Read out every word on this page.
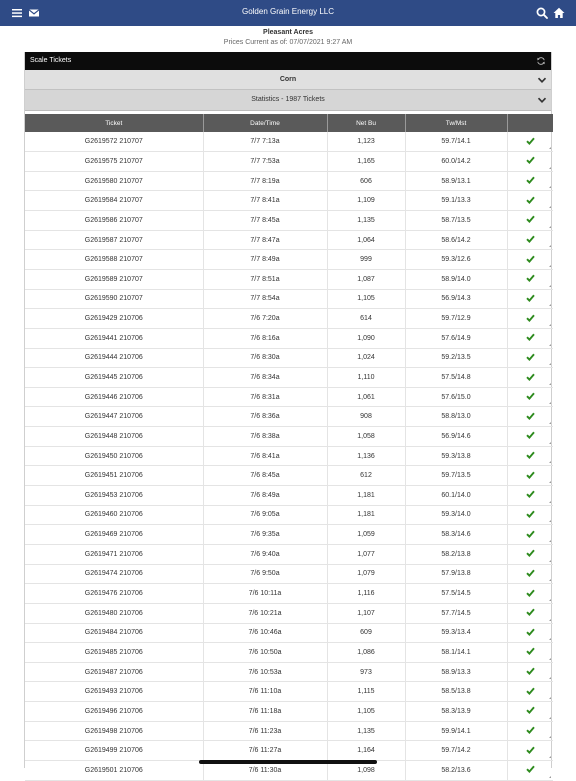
Golden Grain Energy LLC
Pleasant Acres
Prices Current as of: 07/07/2021 9:27 AM
Scale Tickets
Corn
Statistics - 1987 Tickets
Ticket	Date/Time	Net Bu	Tw/Mst	
G2619572 210707	7/7 7:13a	1,123	59.7/14.1	

G2619575 210707	7/7 7:53a	1,165	60.0/14.2	

G2619580 210707	7/7 8:19a	606	58.9/13.1	

G2619584 210707	7/7 8:41a	1,109	59.1/13.3	

G2619586 210707	7/7 8:45a	1,135	58.7/13.5	

G2619587 210707	7/7 8:47a	1,064	58.6/14.2	

G2619588 210707	7/7 8:49a	999	59.3/12.6	

G2619589 210707	7/7 8:51a	1,087	58.9/14.0	

G2619590 210707	7/7 8:54a	1,105	56.9/14.3	

G2619429 210706	7/6 7:20a	614	59.7/12.9	

G2619441 210706	7/6 8:16a	1,090	57.6/14.9	

G2619444 210706	7/6 8:30a	1,024	59.2/13.5	

G2619445 210706	7/6 8:34a	1,110	57.5/14.8	

G2619446 210706	7/6 8:31a	1,061	57.6/15.0	

G2619447 210706	7/6 8:36a	908	58.8/13.0	

G2619448 210706	7/6 8:38a	1,058	56.9/14.6	

G2619450 210706	7/6 8:41a	1,136	59.3/13.8	

G2619451 210706	7/6 8:45a	612	59.7/13.5	

G2619453 210706	7/6 8:49a	1,181	60.1/14.0	

G2619460 210706	7/6 9:05a	1,181	59.3/14.0	

G2619469 210706	7/6 9:35a	1,059	58.3/14.6	

G2619471 210706	7/6 9:40a	1,077	58.2/13.8	

G2619474 210706	7/6 9:50a	1,079	57.9/13.8	

G2619476 210706	7/6 10:11a	1,116	57.5/14.5	

G2619480 210706	7/6 10:21a	1,107	57.7/14.5	

G2619484 210706	7/6 10:46a	609	59.3/13.4	

G2619485 210706	7/6 10:50a	1,086	58.1/14.1	

G2619487 210706	7/6 10:53a	973	58.9/13.3	

G2619493 210706	7/6 11:10a	1,115	58.5/13.8	

G2619496 210706	7/6 11:18a	1,105	58.3/13.9	

G2619498 210706	7/6 11:23a	1,135	59.9/14.1	

G2619499 210706	7/6 11:27a	1,164	59.7/14.2	

G2619501 210706	7/6 11:30a	1,098	58.2/13.6	
